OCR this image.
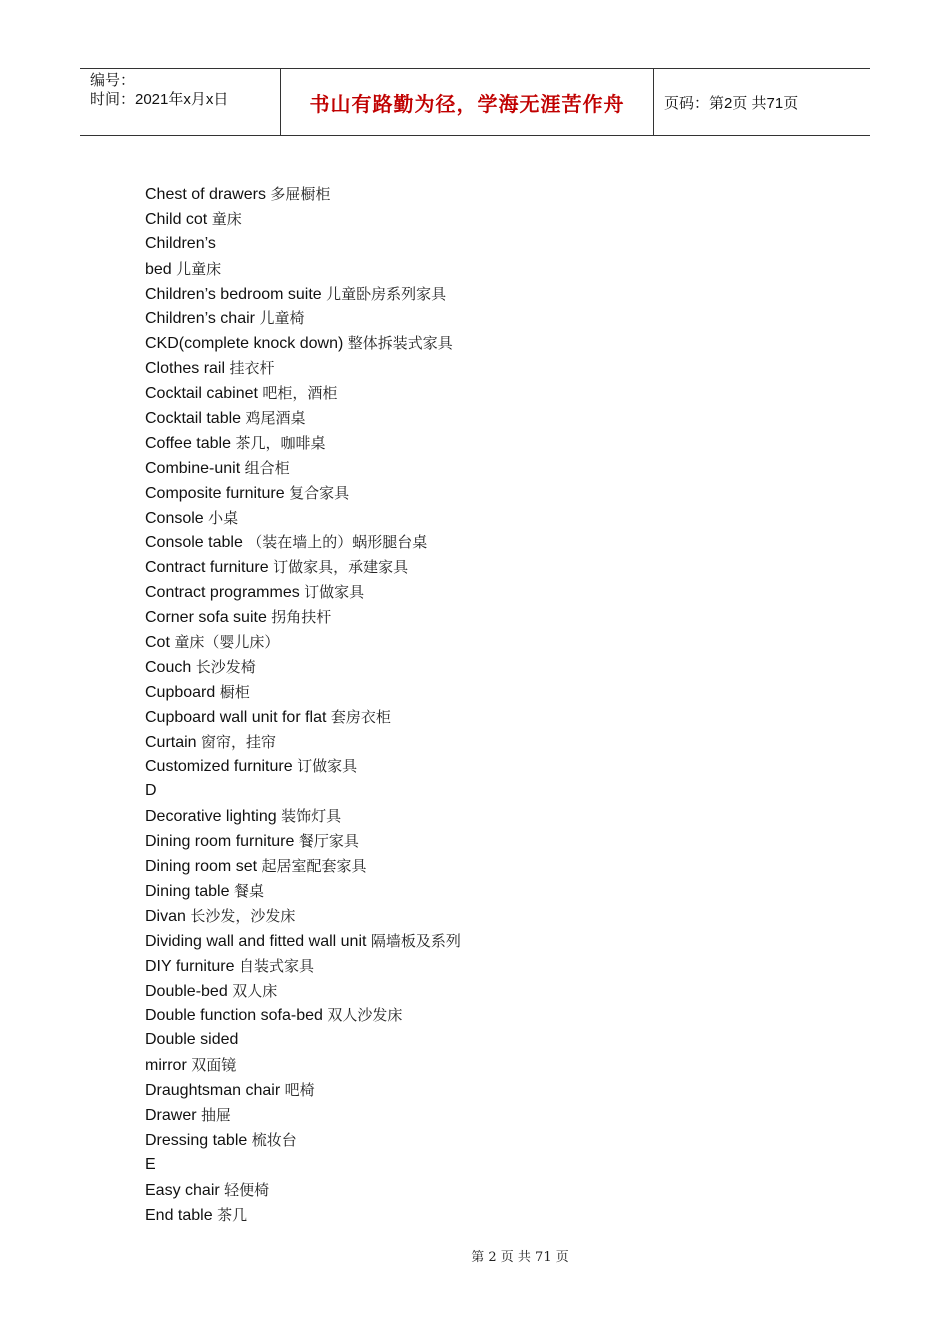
编号：
时间：2021年x月x日	书山有路勤为径，学海无涯苦作舟	页码：第2页 共71页
Chest of drawers 多屉橱柜
Child cot 童床
Children’s
bed 儿童床
Children’s bedroom suite 儿童卧房系列家具
Children’s chair 儿童椅
CKD(complete knock down) 整体拆装式家具
Clothes rail 挂衣杆
Cocktail cabinet 吧柜，酒柜
Cocktail table 鸡尾酒桌
Coffee table 茶几，咖啡桌
Combine-unit 组合柜
Composite furniture 复合家具
Console 小桌
Console table （装在墙上的）蜗形腿台桌
Contract furniture 订做家具，承建家具
Contract programmes 订做家具
Corner sofa suite 拐角扶杆
Cot 童床（婴儿床）
Couch 长沙发椅
Cupboard 橱柜
Cupboard wall unit for flat 套房衣柜
Curtain 窗帘，挂帘
Customized furniture 订做家具
D
Decorative lighting 装饰灯具
Dining room furniture 餐厅家具
Dining room set 起居室配套家具
Dining table 餐桌
Divan 长沙发，沙发床
Dividing wall and fitted wall unit 隔墙板及系列
DIY furniture 自装式家具
Double-bed 双人床
Double function sofa-bed 双人沙发床
Double sided
mirror 双面镜
Draughtsman chair 吧椅
Drawer 抽屉
Dressing table 梳妆台
E
Easy chair 轻便椅
End table 茶几
第 2 页 共 71 页
